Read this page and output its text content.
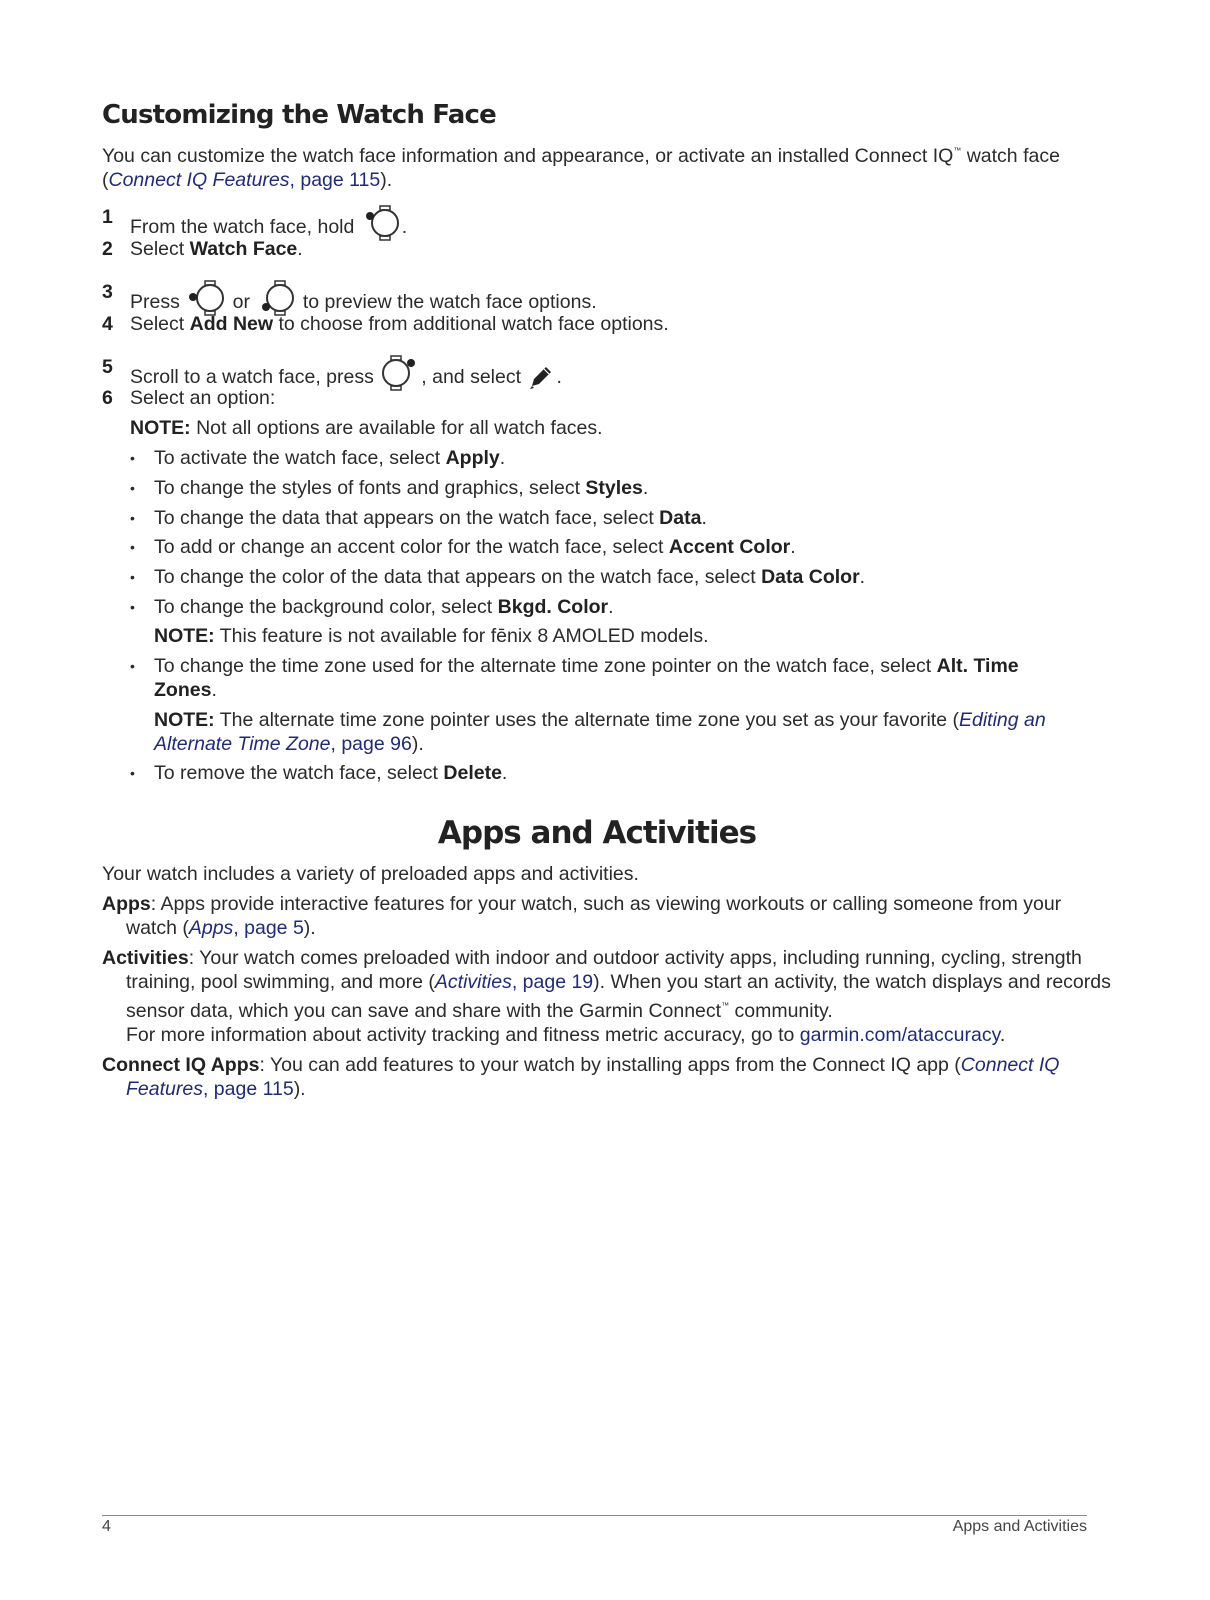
Customizing the Watch Face

You can customize the watch face information and appearance, or activate an installed Connect IQ™ watch face
(Connect IQ Features, page 115).

1 From the watch face, hold .
2 Select Watch Face.
3 Press  or  to preview the watch face options.
4 Select Add New to choose from additional watch face options.
5 Scroll to a watch face, press , and select .
6 Select an option:

NOTE: Not all options are available for all watch faces.

• To activate the watch face, select Apply.
• To change the styles of fonts and graphics, select Styles.
• To change the data that appears on the watch face, select Data.
• To add or change an accent color for the watch face, select Accent Color.
• To change the color of the data that appears on the watch face, select Data Color.
• To change the background color, select Bkgd. Color.

NOTE: This feature is not available for fēnix 8 AMOLED models.

• To change the time zone used for the alternate time zone pointer on the watch face, select Alt. Time Zones.

NOTE: The alternate time zone pointer uses the alternate time zone you set as your favorite (Editing an Alternate Time Zone, page 96).

• To remove the watch face, select Delete.
Apps and Activities

Your watch includes a variety of preloaded apps and activities.

Apps: Apps provide interactive features for your watch, such as viewing workouts or calling someone from your watch (Apps, page 5).

Activities: Your watch comes preloaded with indoor and outdoor activity apps, including running, cycling, strength training, pool swimming, and more (Activities, page 19). When you start an activity, the watch displays and records sensor data, which you can save and share with the Garmin Connect™ community.

For more information about activity tracking and fitness metric accuracy, go to garmin.com/ataccuracy.

Connect IQ Apps: You can add features to your watch by installing apps from the Connect IQ app (Connect IQ Features, page 115).

4	Apps and Activities
